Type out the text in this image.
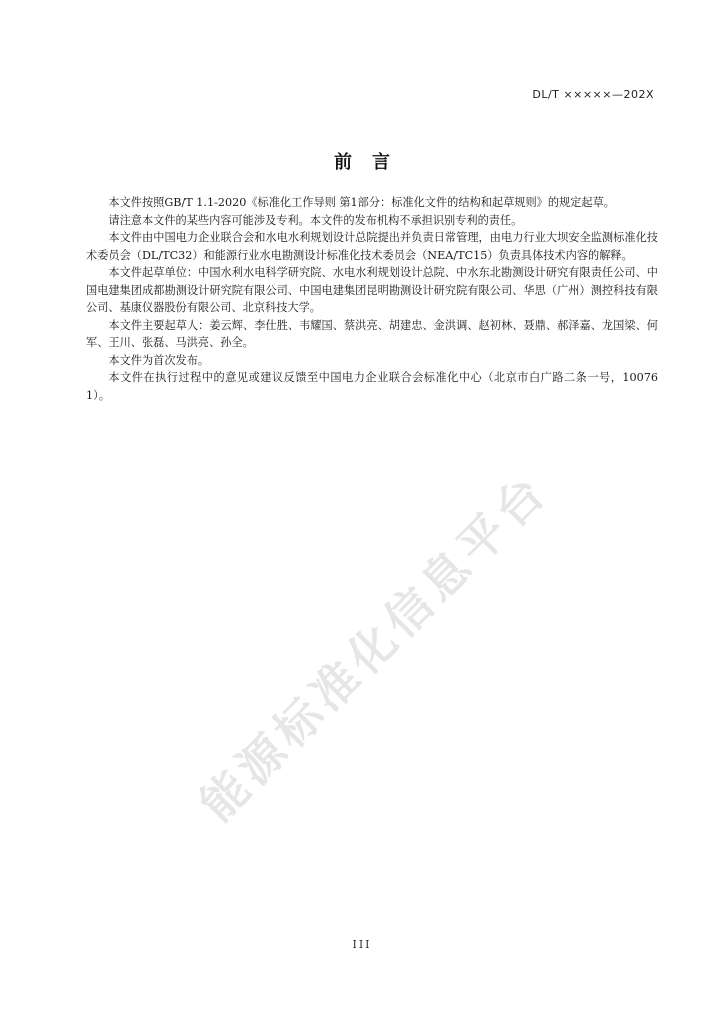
DL/T ×××××—202X
前言

本文件按照GB/T 1.1-2020《标准化工作导则 第1部分：标准化文件的结构和起草规则》的规定起草。

请注意本文件的某些内容可能涉及专利。本文件的发布机构不承担识别专利的责任。

本文件由中国电力企业联合会和水电水利规划设计总院提出并负责日常管理，由电力行业大坝安全监测标准化技术委员会（DL/TC32）和能源行业水电勘测设计标准化技术委员会（NEA/TC15）负责具体技术内容的解释。

本文件起草单位：中国水利水电科学研究院、水电水利规划设计总院、中水东北勘测设计研究有限责任公司、中国电建集团成都勘测设计研究院有限公司、中国电建集团昆明勘测设计研究院有限公司、华思（广州）测控科技有限公司、基康仪器股份有限公司、北京科技大学。

本文件主要起草人：姜云辉、李仕胜、韦耀国、蔡洪亮、胡建忠、金洪调、赵初林、聂鼎、郝泽嘉、龙国梁、何军、王川、张磊、马洪亮、孙全。

本文件为首次发布。

本文件在执行过程中的意见或建议反馈至中国电力企业联合会标准化中心（北京市白广路二条一号，100761）。

能源标准化信息平台
III
